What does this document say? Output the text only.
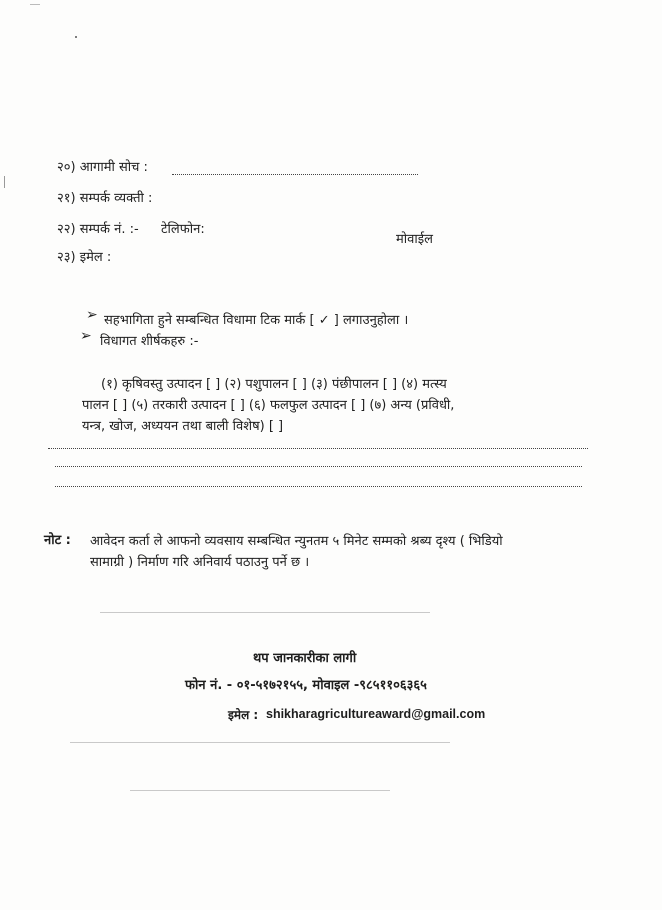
२०) आगामी सोच :
२१) सम्पर्क व्यक्ती :
२२) सम्पर्क नं. :- टेलिफोन:
मोवाईल
२३) इमेल :
➢ सहभागिता हुने सम्बन्धित विधामा टिक मार्क [ ✓ ] लगाउनुहोला ।
➢ विधागत शीर्षकहरु :-
(१) कृषिवस्तु उत्पादन [ ] (२) पशुपालन [ ] (३) पंछीपालन [ ] (४) मत्स्य
पालन [ ] (५) तरकारी उत्पादन [ ] (६) फलफुल उत्पादन [ ] (७) अन्य (प्रविधी,
यन्त्र, खोज, अध्ययन तथा बाली विशेष) [ ]
नोट : आवेदन कर्ता ले आफनो व्यवसाय सम्बन्धित न्युनतम ५ मिनेट सम्मको श्रब्य दृश्य ( भिडियो
सामाग्री ) निर्माण गरि अनिवार्य पठाउनु पर्ने छ ।
थप जानकारीका लागी
फोन नं. - ०१-५१७२१५५, मोवाइल -९८५११०६३६५
इमेल : shikharagricultureaward@gmail.com
